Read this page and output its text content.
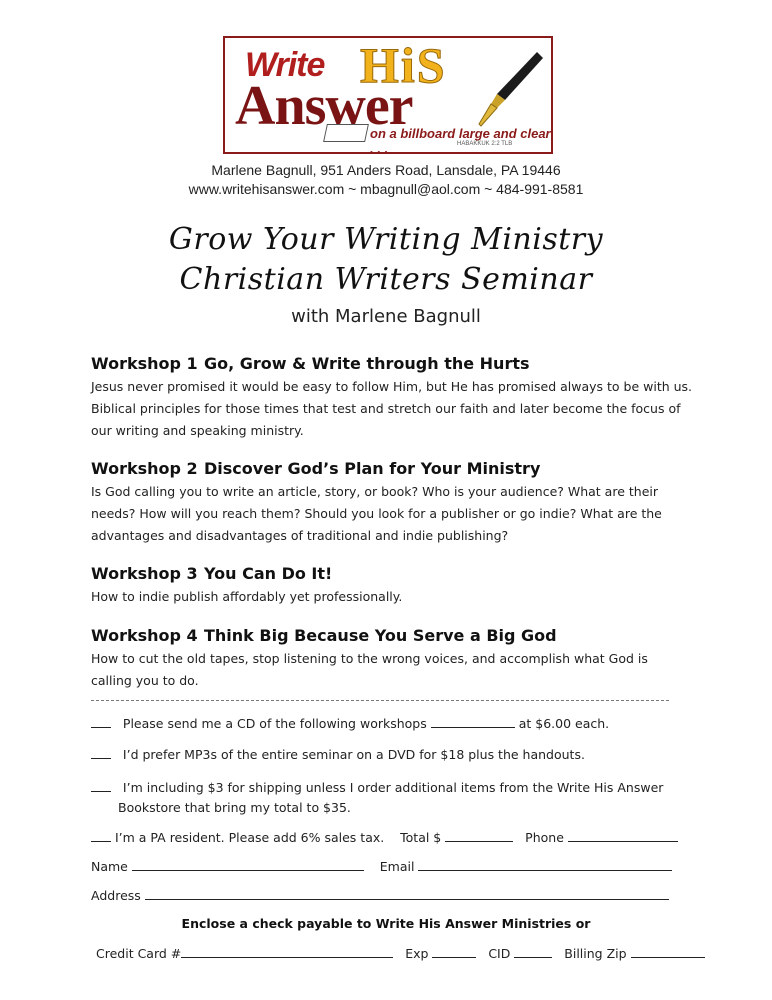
Write HiS
Answer
on a billboard large and clear . . .	HABAKKUK 2:2 TLB
Marlene Bagnull, 951 Anders Road, Lansdale, PA 19446
www.writehisanswer.com ~ mbagnull@aol.com ~ 484-991-8581
Grow Your Writing Ministry
Christian Writers Seminar
with Marlene Bagnull
Workshop 1 Go, Grow & Write through the Hurts
Jesus never promised it would be easy to follow Him, but He has promised always to be with us.
Biblical principles for those times that test and stretch our faith and later become the focus of
our writing and speaking ministry.
Workshop 2 Discover God’s Plan for Your Ministry
Is God calling you to write an article, story, or book? Who is your audience? What are their
needs? How will you reach them? Should you look for a publisher or go indie? What are the
advantages and disadvantages of traditional and indie publishing?
Workshop 3 You Can Do It!
How to indie publish affordably yet professionally.
Workshop 4 Think Big Because You Serve a Big God
How to cut the old tapes, stop listening to the wrong voices, and accomplish what God is
calling you to do.
Please send me a CD of the following workshops	at $6.00 each.
I’d prefer MP3s of the entire seminar on a DVD for $18 plus the handouts.
I’m including $3 for shipping unless I order additional items from the Write His Answer
Bookstore that bring my total to $35.
I’m a PA resident. Please add 6% sales tax. Total $	Phone
Name	Email
Address
Enclose a check payable to Write His Answer Ministries or
Credit Card #	Exp	CID	Billing Zip
